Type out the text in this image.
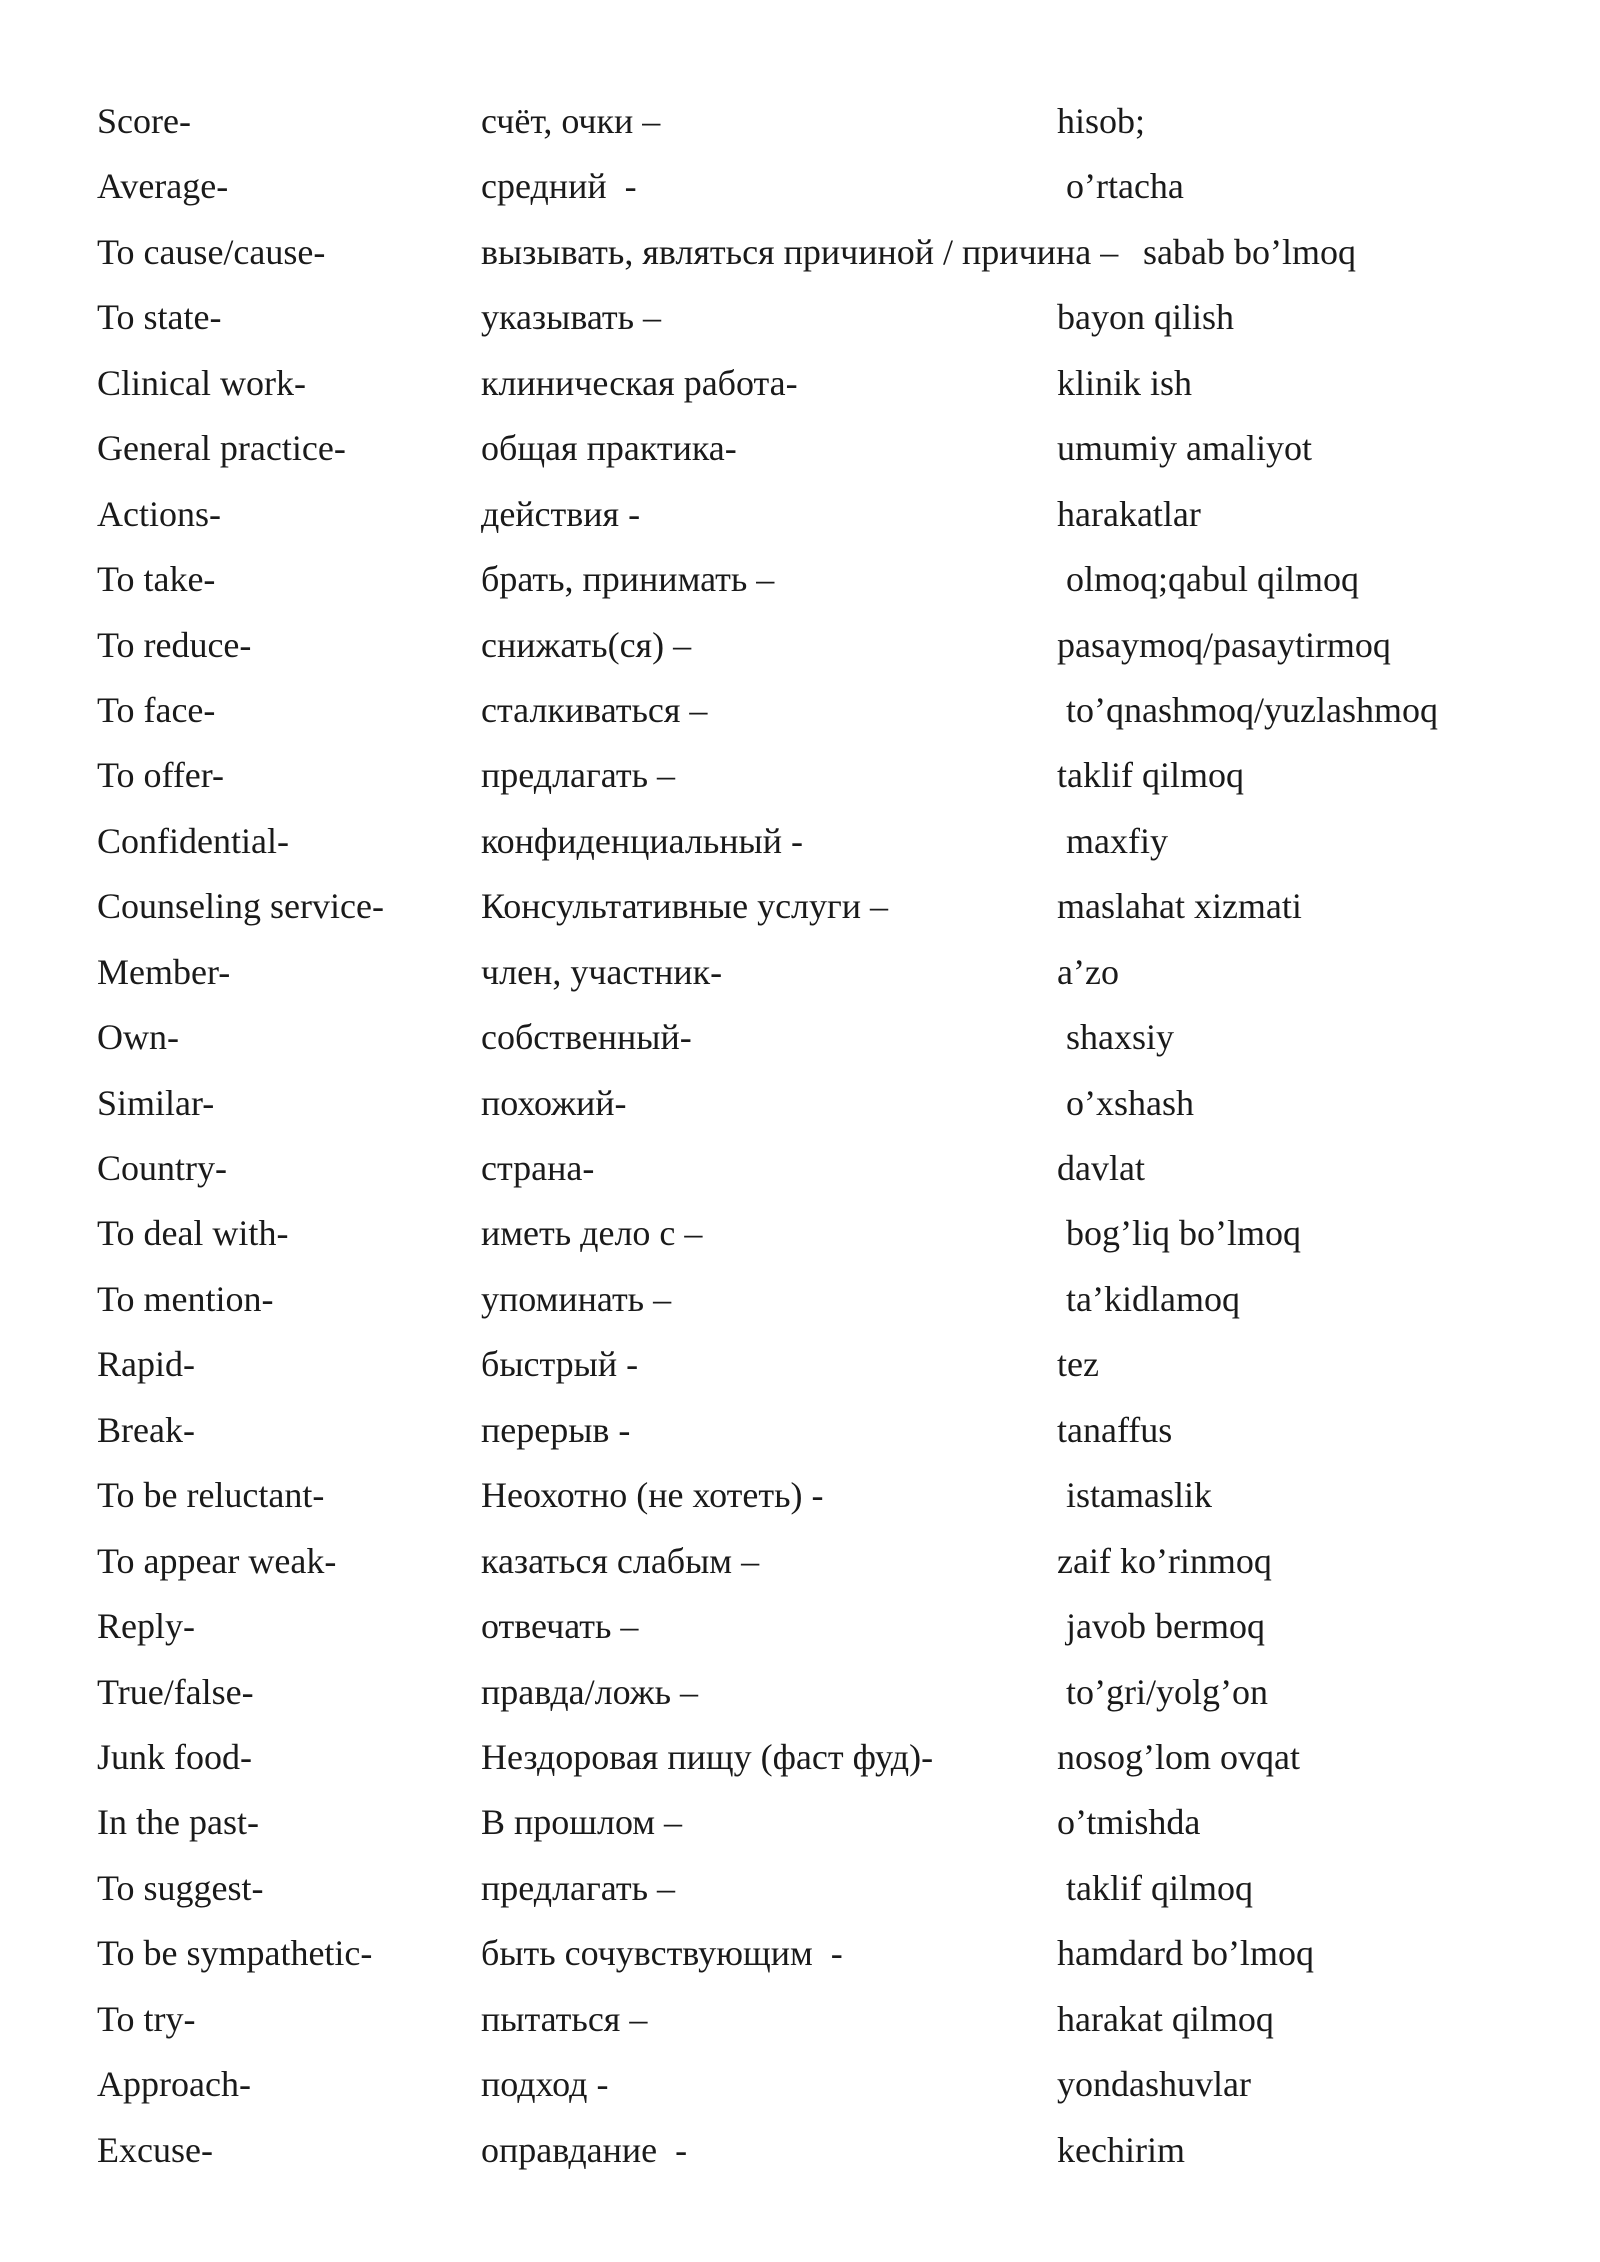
Score-	счёт, очки –	hisob;
Average-	средний  -	o’rtacha
To cause/cause-	вызывать, являться причиной / причина – sabab bo’lmoq
To state-	указывать –	bayon qilish
Clinical work-	клиническая работа-	klinik ish
General practice-	общая практика-	umumiy amaliyot
Actions-	действия -	harakatlar
To take-	брать, принимать –	olmoq;qabul qilmoq
To reduce-	снижать(ся) –	pasaymoq/pasaytirmoq
To face-	сталкиваться –	to’qnashmoq/yuzlashmoq
To offer-	предлагать –	taklif qilmoq
Confidential-	конфиденциальный -	maxfiy
Counseling service-	Консультативные услуги –	maslahat xizmati
Member-	член, участник-	a’zo
Own-	собственный-	shaxsiy
Similar-	похожий-	o’xshash
Country-	страна-	davlat
To deal with-	иметь дело с –	bog’liq bo’lmoq
To mention-	упоминать –	ta’kidlamoq
Rapid-	быстрый -	tez
Break-	перерыв -	tanaffus
To be reluctant-	Неохотно (не хотеть) -	istamaslik
To appear weak-	казаться слабым –	zaif ko’rinmoq
Reply-	отвечать –	javob bermoq
True/false-	правда/ложь –	to’gri/yolg’on
Junk food-	Нездоровая пищу (фаст фуд)-	nosog’lom ovqat
In the past-	В прошлом –	o’tmishda
To suggest-	предлагать –	taklif qilmoq
To be sympathetic-	быть сочувствующим  -	hamdard bo’lmoq
To try-	пытаться –	harakat qilmoq
Approach-	подход -	yondashuvlar
Excuse-	оправдание  -	kechirim
